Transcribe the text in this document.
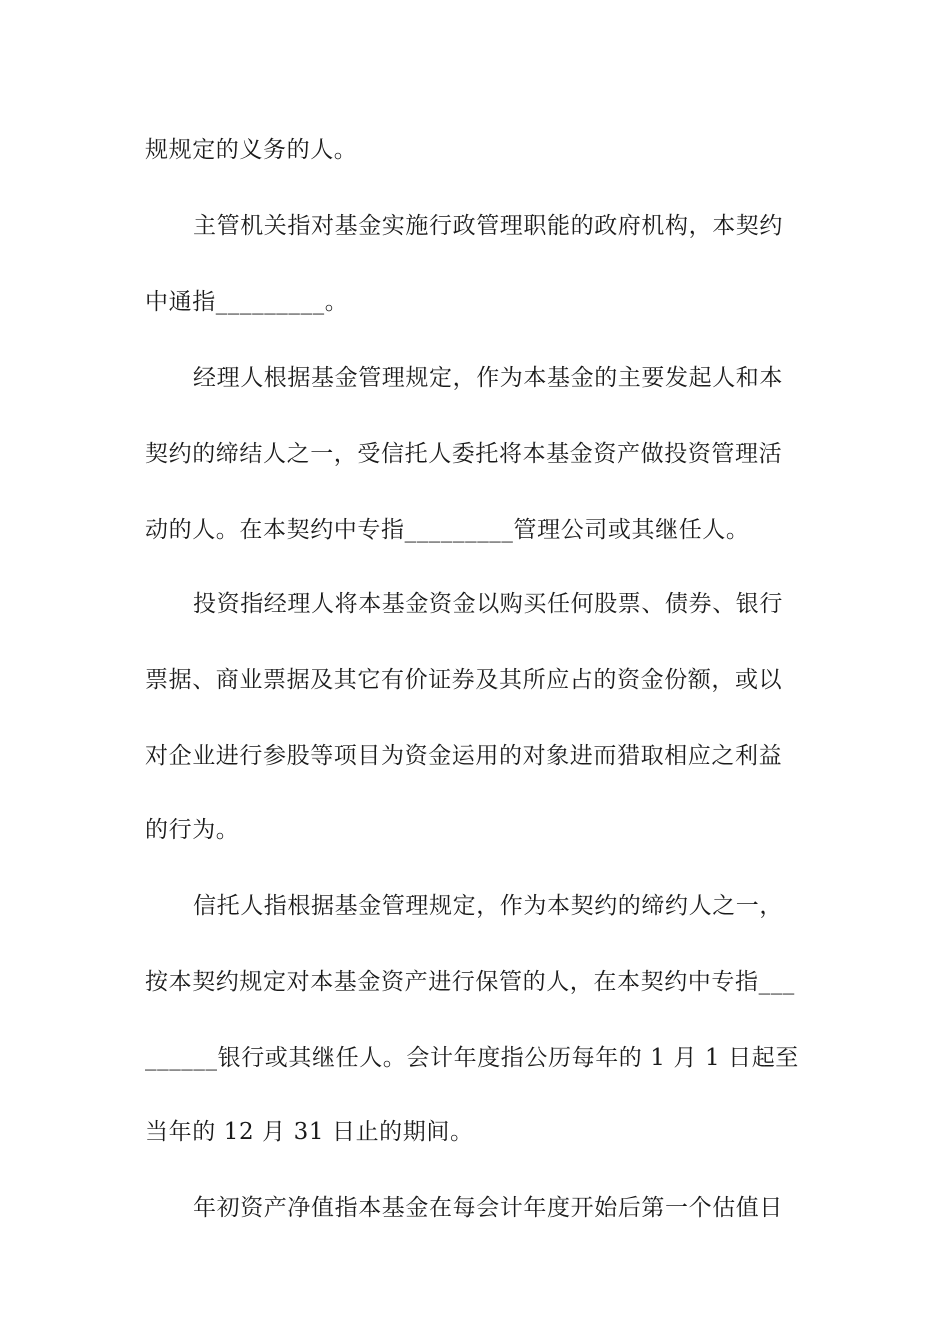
规规定的义务的人。
主管机关指对基金实施行政管理职能的政府机构，本契约
中通指_________。
经理人根据基金管理规定，作为本基金的主要发起人和本
契约的缔结人之一，受信托人委托将本基金资产做投资管理活
动的人。在本契约中专指_________管理公司或其继任人。
投资指经理人将本基金资金以购买任何股票、债券、银行
票据、商业票据及其它有价证券及其所应占的资金份额，或以
对企业进行参股等项目为资金运用的对象进而猎取相应之利益
的行为。
信托人指根据基金管理规定，作为本契约的缔约人之一，
按本契约规定对本基金资产进行保管的人，在本契约中专指___
______银行或其继任人。会计年度指公历每年的 1 月 1 日起至
当年的 12 月 31 日止的期间。
年初资产净值指本基金在每会计年度开始后第一个估值日
